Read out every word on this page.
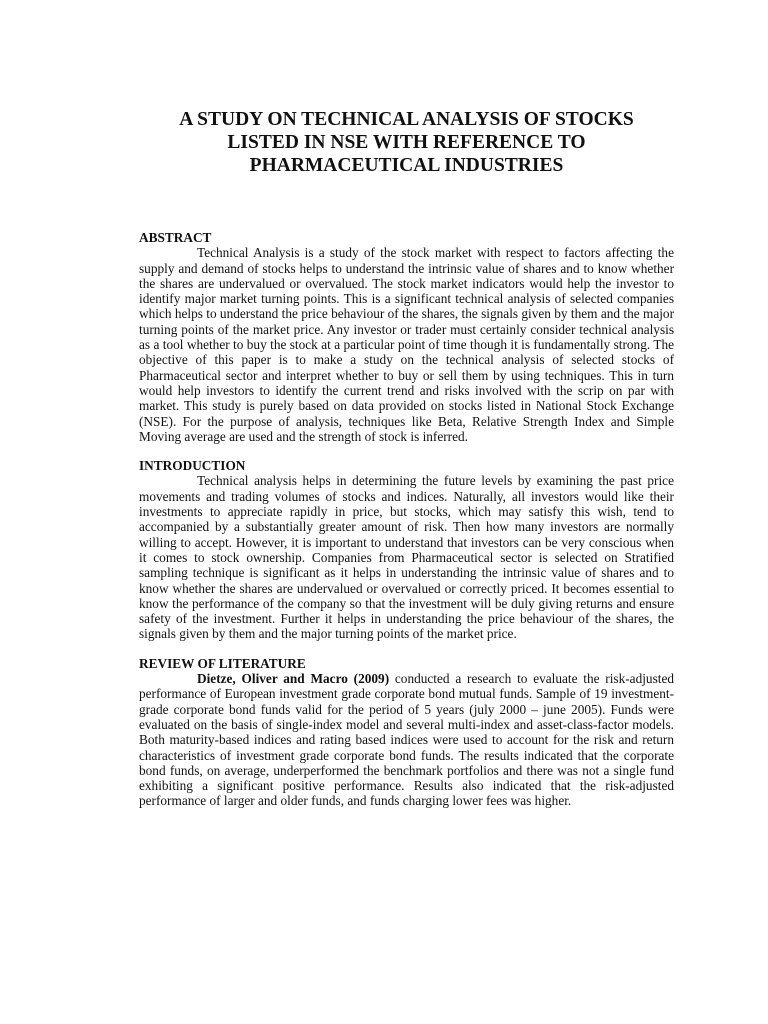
A STUDY ON TECHNICAL ANALYSIS OF STOCKS LISTED IN NSE WITH REFERENCE TO PHARMACEUTICAL INDUSTRIES
ABSTRACT

Technical Analysis is a study of the stock market with respect to factors affecting the supply and demand of stocks helps to understand the intrinsic value of shares and to know whether the shares are undervalued or overvalued. The stock market indicators would help the investor to identify major market turning points. This is a significant technical analysis of selected companies which helps to understand the price behaviour of the shares, the signals given by them and the major turning points of the market price. Any investor or trader must certainly consider technical analysis as a tool whether to buy the stock at a particular point of time though it is fundamentally strong. The objective of this paper is to make a study on the technical analysis of selected stocks of Pharmaceutical sector and interpret whether to buy or sell them by using techniques. This in turn would help investors to identify the current trend and risks involved with the scrip on par with market. This study is purely based on data provided on stocks listed in National Stock Exchange (NSE). For the purpose of analysis, techniques like Beta, Relative Strength Index and Simple Moving average are used and the strength of stock is inferred.

INTRODUCTION

Technical analysis helps in determining the future levels by examining the past price movements and trading volumes of stocks and indices. Naturally, all investors would like their investments to appreciate rapidly in price, but stocks, which may satisfy this wish, tend to accompanied by a substantially greater amount of risk. Then how many investors are normally willing to accept. However, it is important to understand that investors can be very conscious when it comes to stock ownership. Companies from Pharmaceutical sector is selected on Stratified sampling technique is significant as it helps in understanding the intrinsic value of shares and to know whether the shares are undervalued or overvalued or correctly priced. It becomes essential to know the performance of the company so that the investment will be duly giving returns and ensure safety of the investment. Further it helps in understanding the price behaviour of the shares, the signals given by them and the major turning points of the market price.

REVIEW OF LITERATURE

Dietze, Oliver and Macro (2009) conducted a research to evaluate the risk-adjusted performance of European investment grade corporate bond mutual funds. Sample of 19 investment-grade corporate bond funds valid for the period of 5 years (july 2000 – june 2005). Funds were evaluated on the basis of single-index model and several multi-index and asset-class-factor models. Both maturity-based indices and rating based indices were used to account for the risk and return characteristics of investment grade corporate bond funds. The results indicated that the corporate bond funds, on average, underperformed the benchmark portfolios and there was not a single fund exhibiting a significant positive performance. Results also indicated that the risk-adjusted performance of larger and older funds, and funds charging lower fees was higher.
